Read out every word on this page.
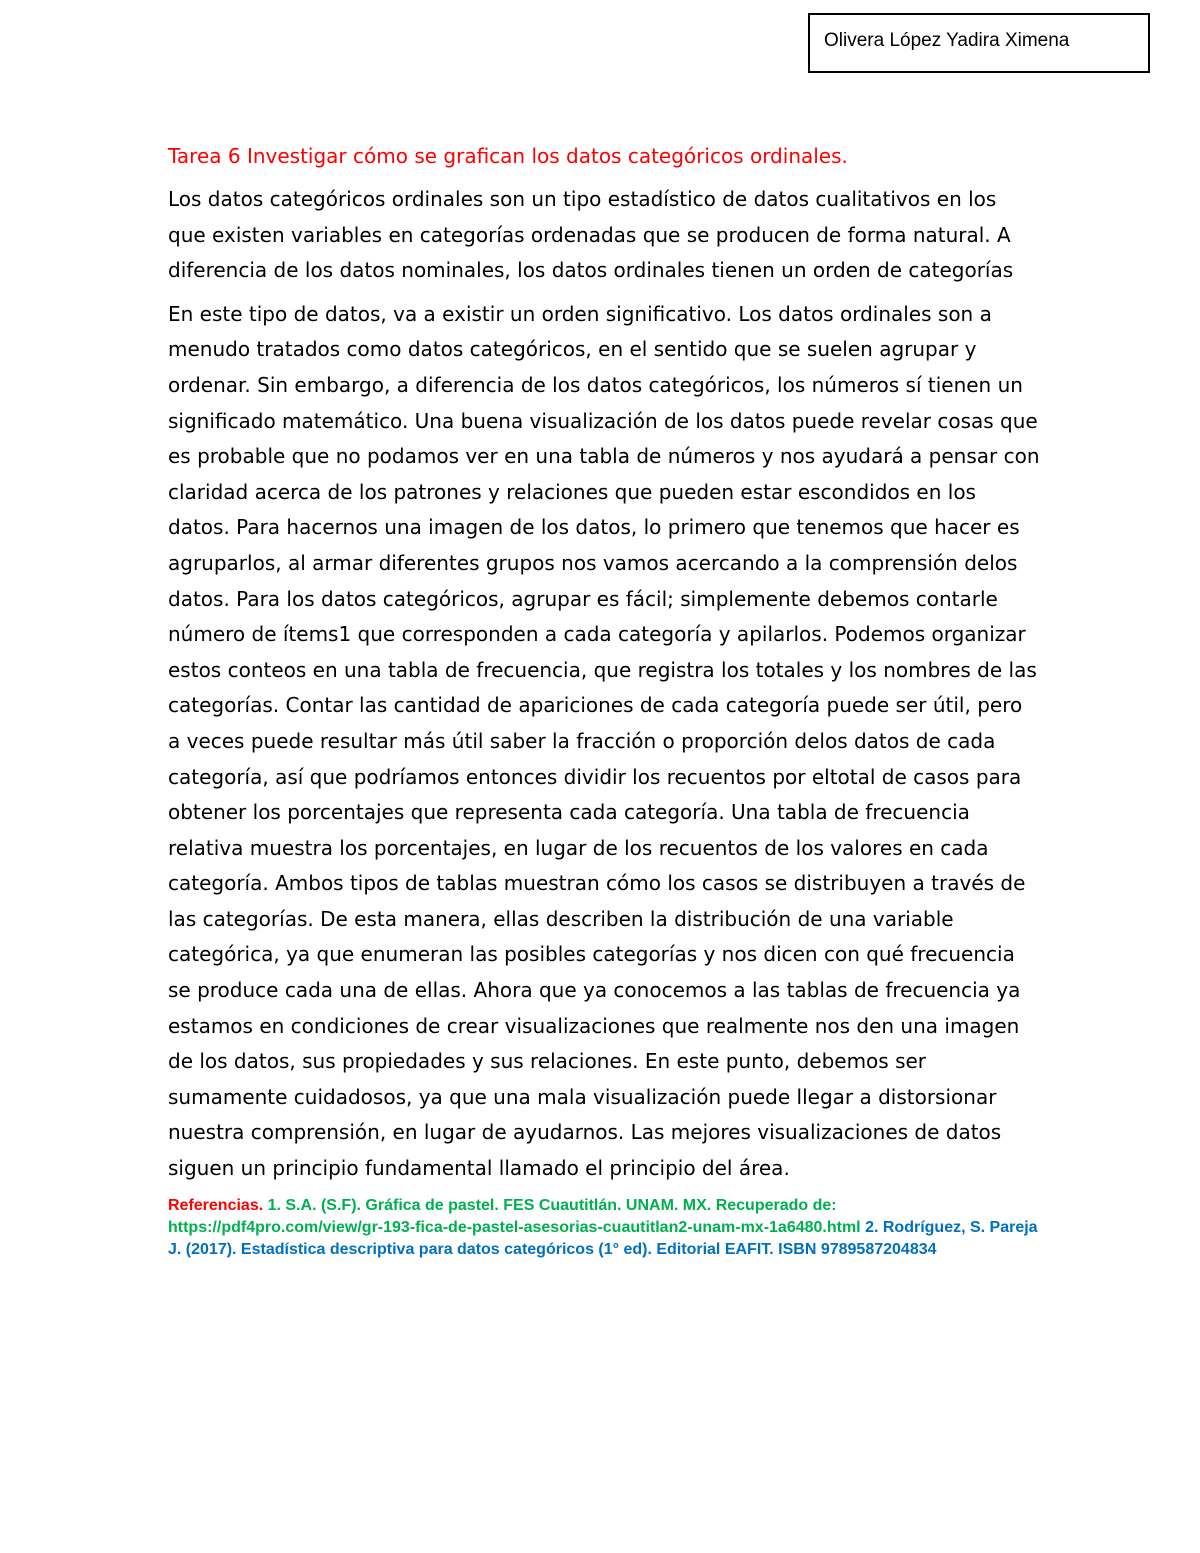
Olivera López Yadira Ximena
Tarea 6 Investigar cómo se grafican los datos categóricos ordinales.

Los datos categóricos ordinales son un tipo estadístico de datos cualitativos en los que existen variables en categorías ordenadas que se producen de forma natural. A diferencia de los datos nominales, los datos ordinales tienen un orden de categorías

En este tipo de datos, va a existir un orden significativo. Los datos ordinales son a menudo tratados como datos categóricos, en el sentido que se suelen agrupar y ordenar. Sin embargo, a diferencia de los datos categóricos, los números sí tienen un significado matemático. Una buena visualización de los datos puede revelar cosas que es probable que no podamos ver en una tabla de números y nos ayudará a pensar con claridad acerca de los patrones y relaciones que pueden estar escondidos en los datos. Para hacernos una imagen de los datos, lo primero que tenemos que hacer es agruparlos, al armar diferentes grupos nos vamos acercando a la comprensión delos datos. Para los datos categóricos, agrupar es fácil; simplemente debemos contarle número de ítems1 que corresponden a cada categoría y apilarlos. Podemos organizar estos conteos en una tabla de frecuencia, que registra los totales y los nombres de las categorías. Contar las cantidad de apariciones de cada categoría puede ser útil, pero a veces puede resultar más útil saber la fracción o proporción delos datos de cada categoría, así que podríamos entonces dividir los recuentos por eltotal de casos para obtener los porcentajes que representa cada categoría. Una tabla de frecuencia relativa muestra los porcentajes, en lugar de los recuentos de los valores en cada categoría. Ambos tipos de tablas muestran cómo los casos se distribuyen a través de las categorías. De esta manera, ellas describen la distribución de una variable categórica, ya que enumeran las posibles categorías y nos dicen con qué frecuencia se produce cada una de ellas. Ahora que ya conocemos a las tablas de frecuencia ya estamos en condiciones de crear visualizaciones que realmente nos den una imagen de los datos, sus propiedades y sus relaciones. En este punto, debemos ser sumamente cuidadosos, ya que una mala visualización puede llegar a distorsionar nuestra comprensión, en lugar de ayudarnos. Las mejores visualizaciones de datos siguen un principio fundamental llamado el principio del área.

Referencias. 1. S.A. (S.F). Gráfica de pastel. FES Cuautitlán. UNAM. MX. Recuperado de: https://pdf4pro.com/view/gr-193-fica-de-pastel-asesorias-cuautitlan2-unam-mx-1a6480.html 2. Rodríguez, S. Pareja J. (2017). Estadística descriptiva para datos categóricos (1° ed). Editorial EAFIT. ISBN 9789587204834
